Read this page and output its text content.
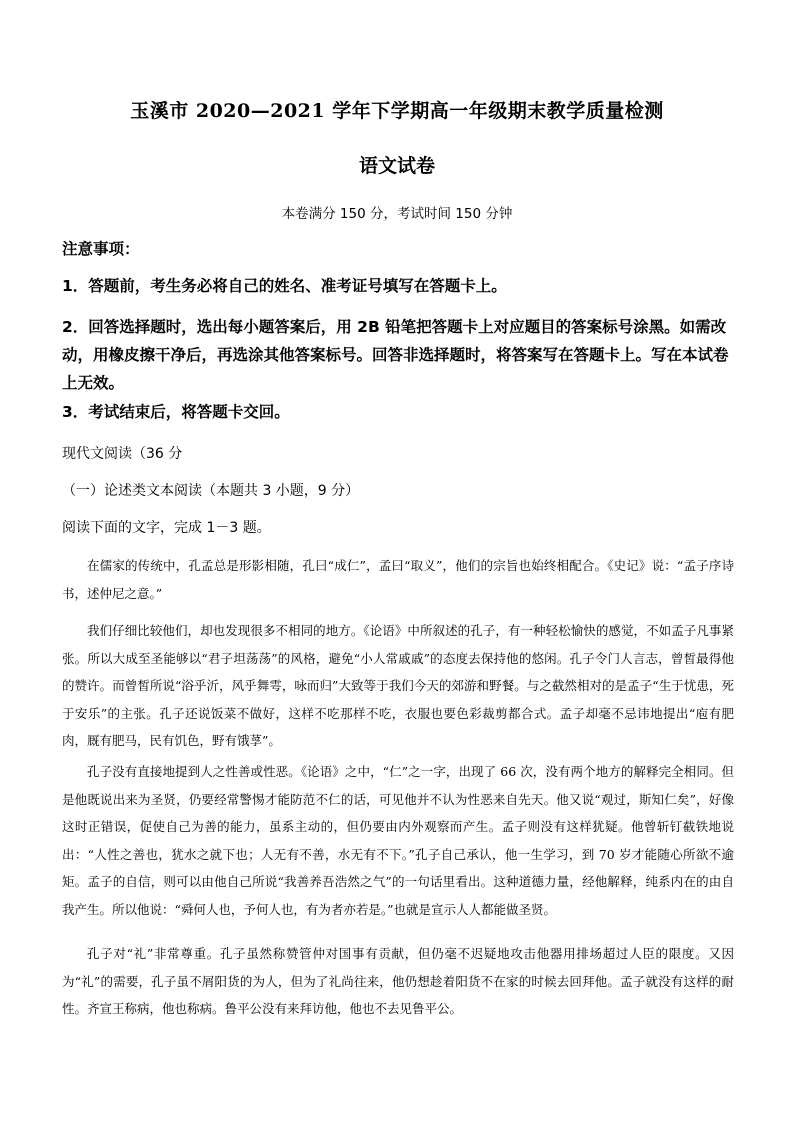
玉溪市 2020—2021 学年下学期高一年级期末教学质量检测
语文试卷
本卷满分 150 分，考试时间 150 分钟
注意事项：
1．答题前，考生务必将自己的姓名、准考证号填写在答题卡上。
2．回答选择题时，选出每小题答案后，用 2B 铅笔把答题卡上对应题目的答案标号涂黑。如需改动，用橡皮擦干净后，再选涂其他答案标号。回答非选择题时，将答案写在答题卡上。写在本试卷上无效。
3．考试结束后，将答题卡交回。
现代文阅读（36 分
（一）论述类文本阅读（本题共 3 小题，9 分）
阅读下面的文字，完成 1－3 题。

在儒家的传统中，孔孟总是形影相随，孔曰“成仁”，孟曰“取义”，他们的宗旨也始终相配合。《史记》说：“孟子序诗书，述仲尼之意。”

我们仔细比较他们，却也发现很多不相同的地方。《论语》中所叙述的孔子，有一种轻松愉快的感觉，不如孟子凡事紧张。所以大成至圣能够以“君子坦荡荡”的风格，避免“小人常戚戚”的态度去保持他的悠闲。孔子令门人言志，曾皙最得他的赞许。而曾皙所说“浴乎沂，风乎舞雩，咏而归”大致等于我们今天的郊游和野餐。与之截然相对的是孟子“生于忧患，死于安乐”的主张。孔子还说饭菜不做好，这样不吃那样不吃，衣服也要色彩裁剪都合式。孟子却毫不忌讳地提出“庖有肥肉，厩有肥马，民有饥色，野有饿莩”。

孔子没有直接地提到人之性善或性恶。《论语》之中，“仁”之一字，出现了 66 次，没有两个地方的解释完全相同。但是他既说出来为圣贤，仍要经常警惕才能防范不仁的话，可见他并不认为性恶来自先天。他又说“观过，斯知仁矣”，好像这时正错误，促使自己为善的能力，虽系主动的，但仍要由内外观察而产生。孟子则没有这样犹疑。他曾斩钉截铁地说出：“人性之善也，犹水之就下也；人无有不善，水无有不下。”孔子自己承认，他一生学习，到 70 岁才能随心所欲不逾矩。孟子的自信，则可以由他自己所说“我善养吾浩然之气”的一句话里看出。这种道德力量，经他解释，纯系内在的由自我产生。所以他说：“舜何人也，予何人也，有为者亦若是。”也就是宣示人人都能做圣贤。

孔子对“礼”非常尊重。孔子虽然称赞管仲对国事有贡献，但仍毫不迟疑地攻击他器用排场超过人臣的限度。又因为“礼”的需要，孔子虽不屑阳货的为人，但为了礼尚往来，他仍想趁着阳货不在家的时候去回拜他。孟子就没有这样的耐性。齐宣王称病，他也称病。鲁平公没有来拜访他，他也不去见鲁平公。
